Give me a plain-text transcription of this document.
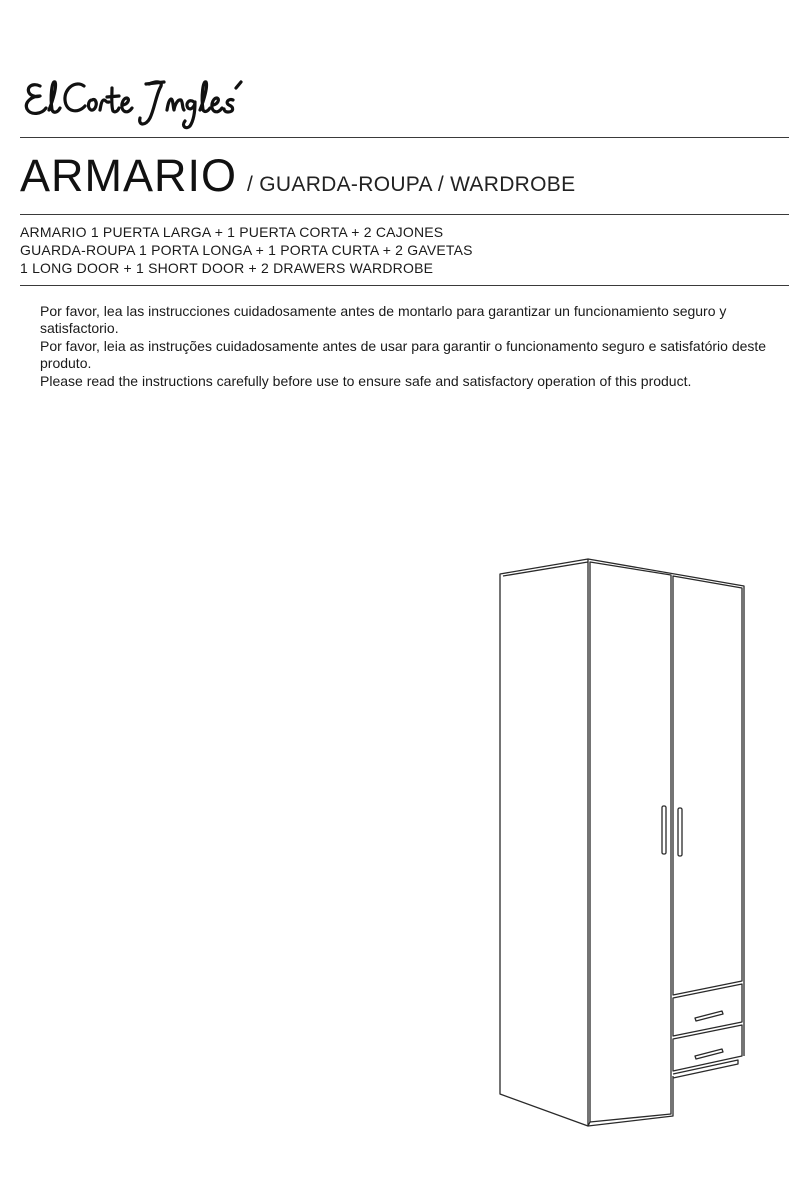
ARMARIO / GUARDA-ROUPA / WARDROBE
ARMARIO 1 PUERTA LARGA + 1 PUERTA CORTA + 2 CAJONES
GUARDA-ROUPA 1 PORTA LONGA + 1 PORTA CURTA + 2 GAVETAS
1 LONG DOOR + 1 SHORT DOOR + 2 DRAWERS WARDROBE

Por favor, lea las instrucciones cuidadosamente antes de montarlo para garantizar un funcionamiento seguro y satisfactorio.

Por favor, leia as instruções cuidadosamente antes de usar para garantir o funcionamento seguro e satisfatório deste produto.

Please read the instructions carefully before use to ensure safe and satisfactory operation of this product.
